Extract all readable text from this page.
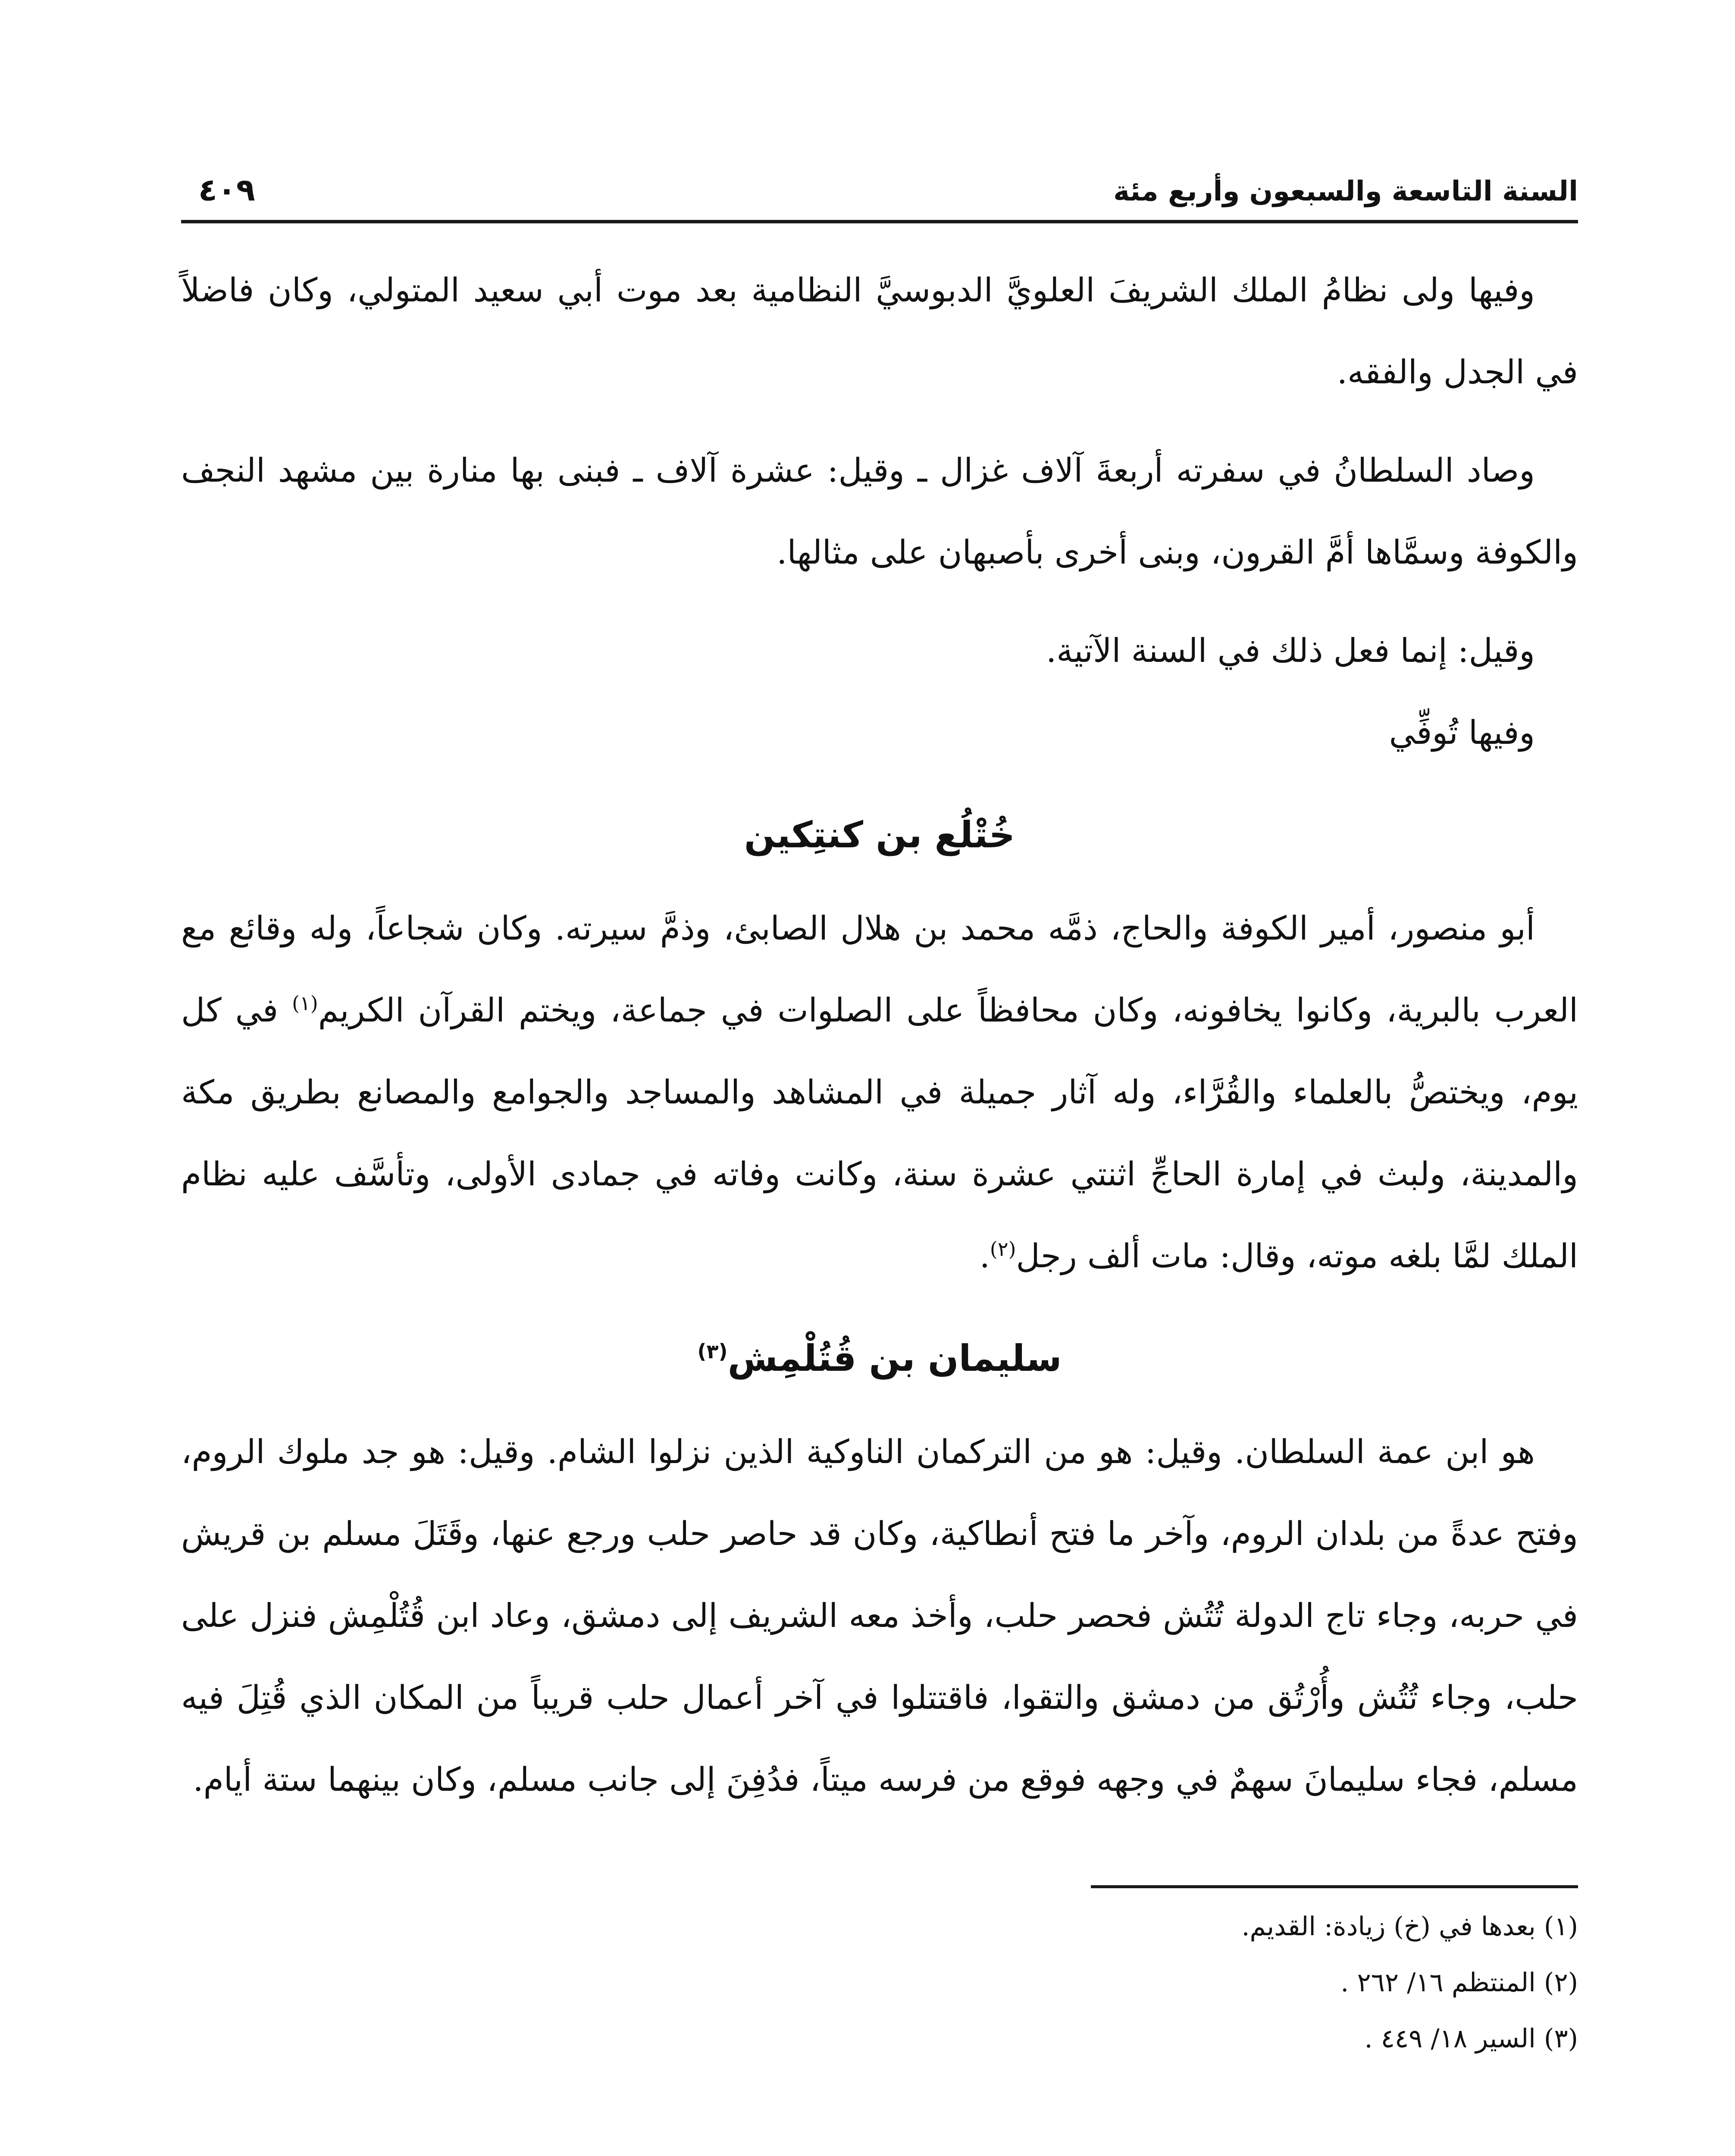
السنة التاسعة والسبعون وأربع مئة
٤٠٩

وفيها ولى نظامُ الملك الشريفَ العلويَّ الدبوسيَّ النظامية بعد موت أبي سعيد المتولي، وكان فاضلاً في الجدل والفقه.

وصاد السلطانُ في سفرته أربعةَ آلاف غزال ـ وقيل: عشرة آلاف ـ فبنى بها منارة بين مشهد النجف والكوفة وسمَّاها أمَّ القرون، وبنى أخرى بأصبهان على مثالها.

وقيل: إنما فعل ذلك في السنة الآتية.

وفيها تُوفِّي

خُتْلُع بن كنتِكين

أبو منصور، أمير الكوفة والحاج، ذمَّه محمد بن هلال الصابئ، وذمَّ سيرته. وكان شجاعاً، وله وقائع مع العرب بالبرية، وكانوا يخافونه، وكان محافظاً على الصلوات في جماعة، ويختم القرآن الكريم$^{(١)}$ في كل يوم، ويختصُّ بالعلماء والقُرَّاء، وله آثار جميلة في المشاهد والمساجد والجوامع والمصانع بطريق مكة والمدينة، ولبث في إمارة الحاجِّ اثنتي عشرة سنة، وكانت وفاته في جمادى الأولى، وتأسَّف عليه نظام الملك لمَّا بلغه موته، وقال: مات ألف رجل$^{(٢)}$.

سليمان بن قُتُلْمِش$^{(٣)}$

هو ابن عمة السلطان. وقيل: هو من التركمان الناوكية الذين نزلوا الشام. وقيل: هو جد ملوك الروم، وفتح عدةً من بلدان الروم، وآخر ما فتح أنطاكية، وكان قد حاصر حلب ورجع عنها، وقَتَلَ مسلم بن قريش في حربه، وجاء تاج الدولة تُتُش فحصر حلب، وأخذ معه الشريف إلى دمشق، وعاد ابن قُتُلْمِش فنزل على حلب، وجاء تُتُش وأُرْتُق من دمشق والتقوا، فاقتتلوا في آخر أعمال حلب قريباً من المكان الذي قُتِلَ فيه مسلم، فجاء سليمانَ سهمٌ في وجهه فوقع من فرسه ميتاً، فدُفِنَ إلى جانب مسلم، وكان بينهما ستة أيام.

(١) بعدها في (خ) زيادة: القديم.

(٢) المنتظم ١٦/ ٢٦٢ .

(٣) السير ١٨/ ٤٤٩ .
